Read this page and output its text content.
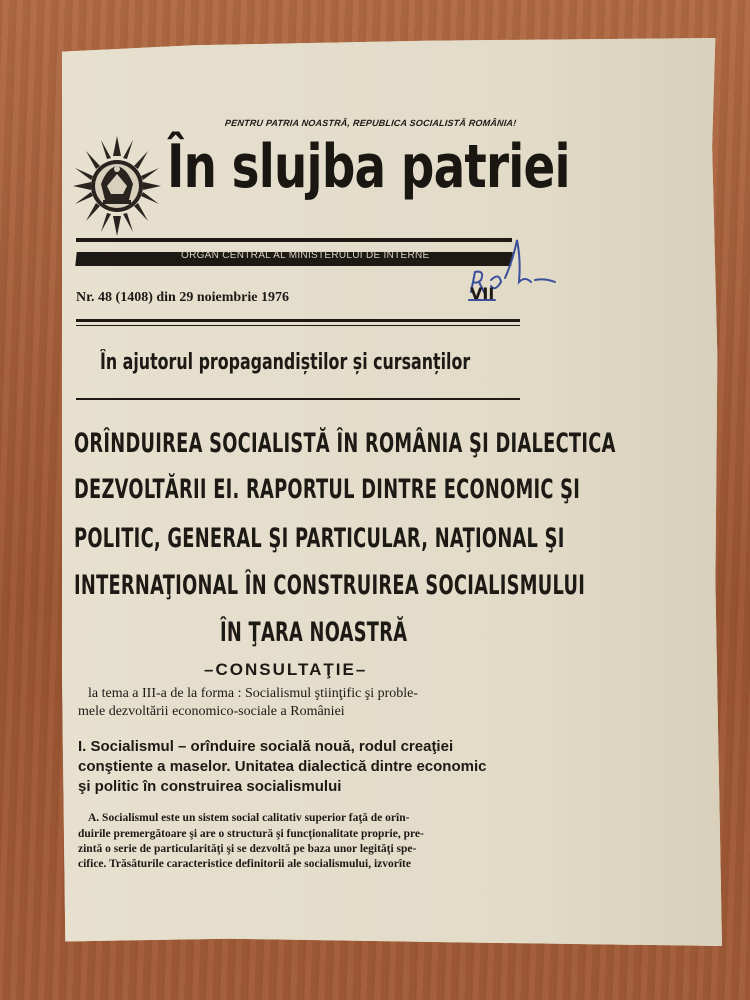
PENTRU PATRIA NOASTRĂ, REPUBLICA SOCIALISTĂ ROMÂNIA!
În slujba patriei
ORGAN CENTRAL AL MINISTERULUI DE INTERNE
Nr. 48 (1408) din 29 noiembrie 1976	VII
În ajutorul propagandiștilor și cursanților
ORÎNDUIREA SOCIALISTĂ ÎN ROMÂNIA ŞI DIALECTICA
DEZVOLTĂRII EI. RAPORTUL DINTRE ECONOMIC ŞI
POLITIC, GENERAL ŞI PARTICULAR, NAŢIONAL ŞI
INTERNAŢIONAL ÎN CONSTRUIREA SOCIALISMULUI
ÎN ŢARA NOASTRĂ
–CONSULTAŢIE–
la tema a III-a de la forma : Socialismul ştiinţific şi proble-
mele dezvoltării economico-sociale a României
I. Socialismul – orînduire socială nouă, rodul creaţiei
conştiente a maselor. Unitatea dialectică dintre economic
şi politic în construirea socialismului
A. Socialismul este un sistem social calitativ superior faţă de orîn-
duirile premergătoare şi are o structură şi funcţionalitate proprie, pre-
zintă o serie de particularităţi şi se dezvoltă pe baza unor legităţi spe-
cifice. Trăsăturile caracteristice definitorii ale socialismului, izvorîte
